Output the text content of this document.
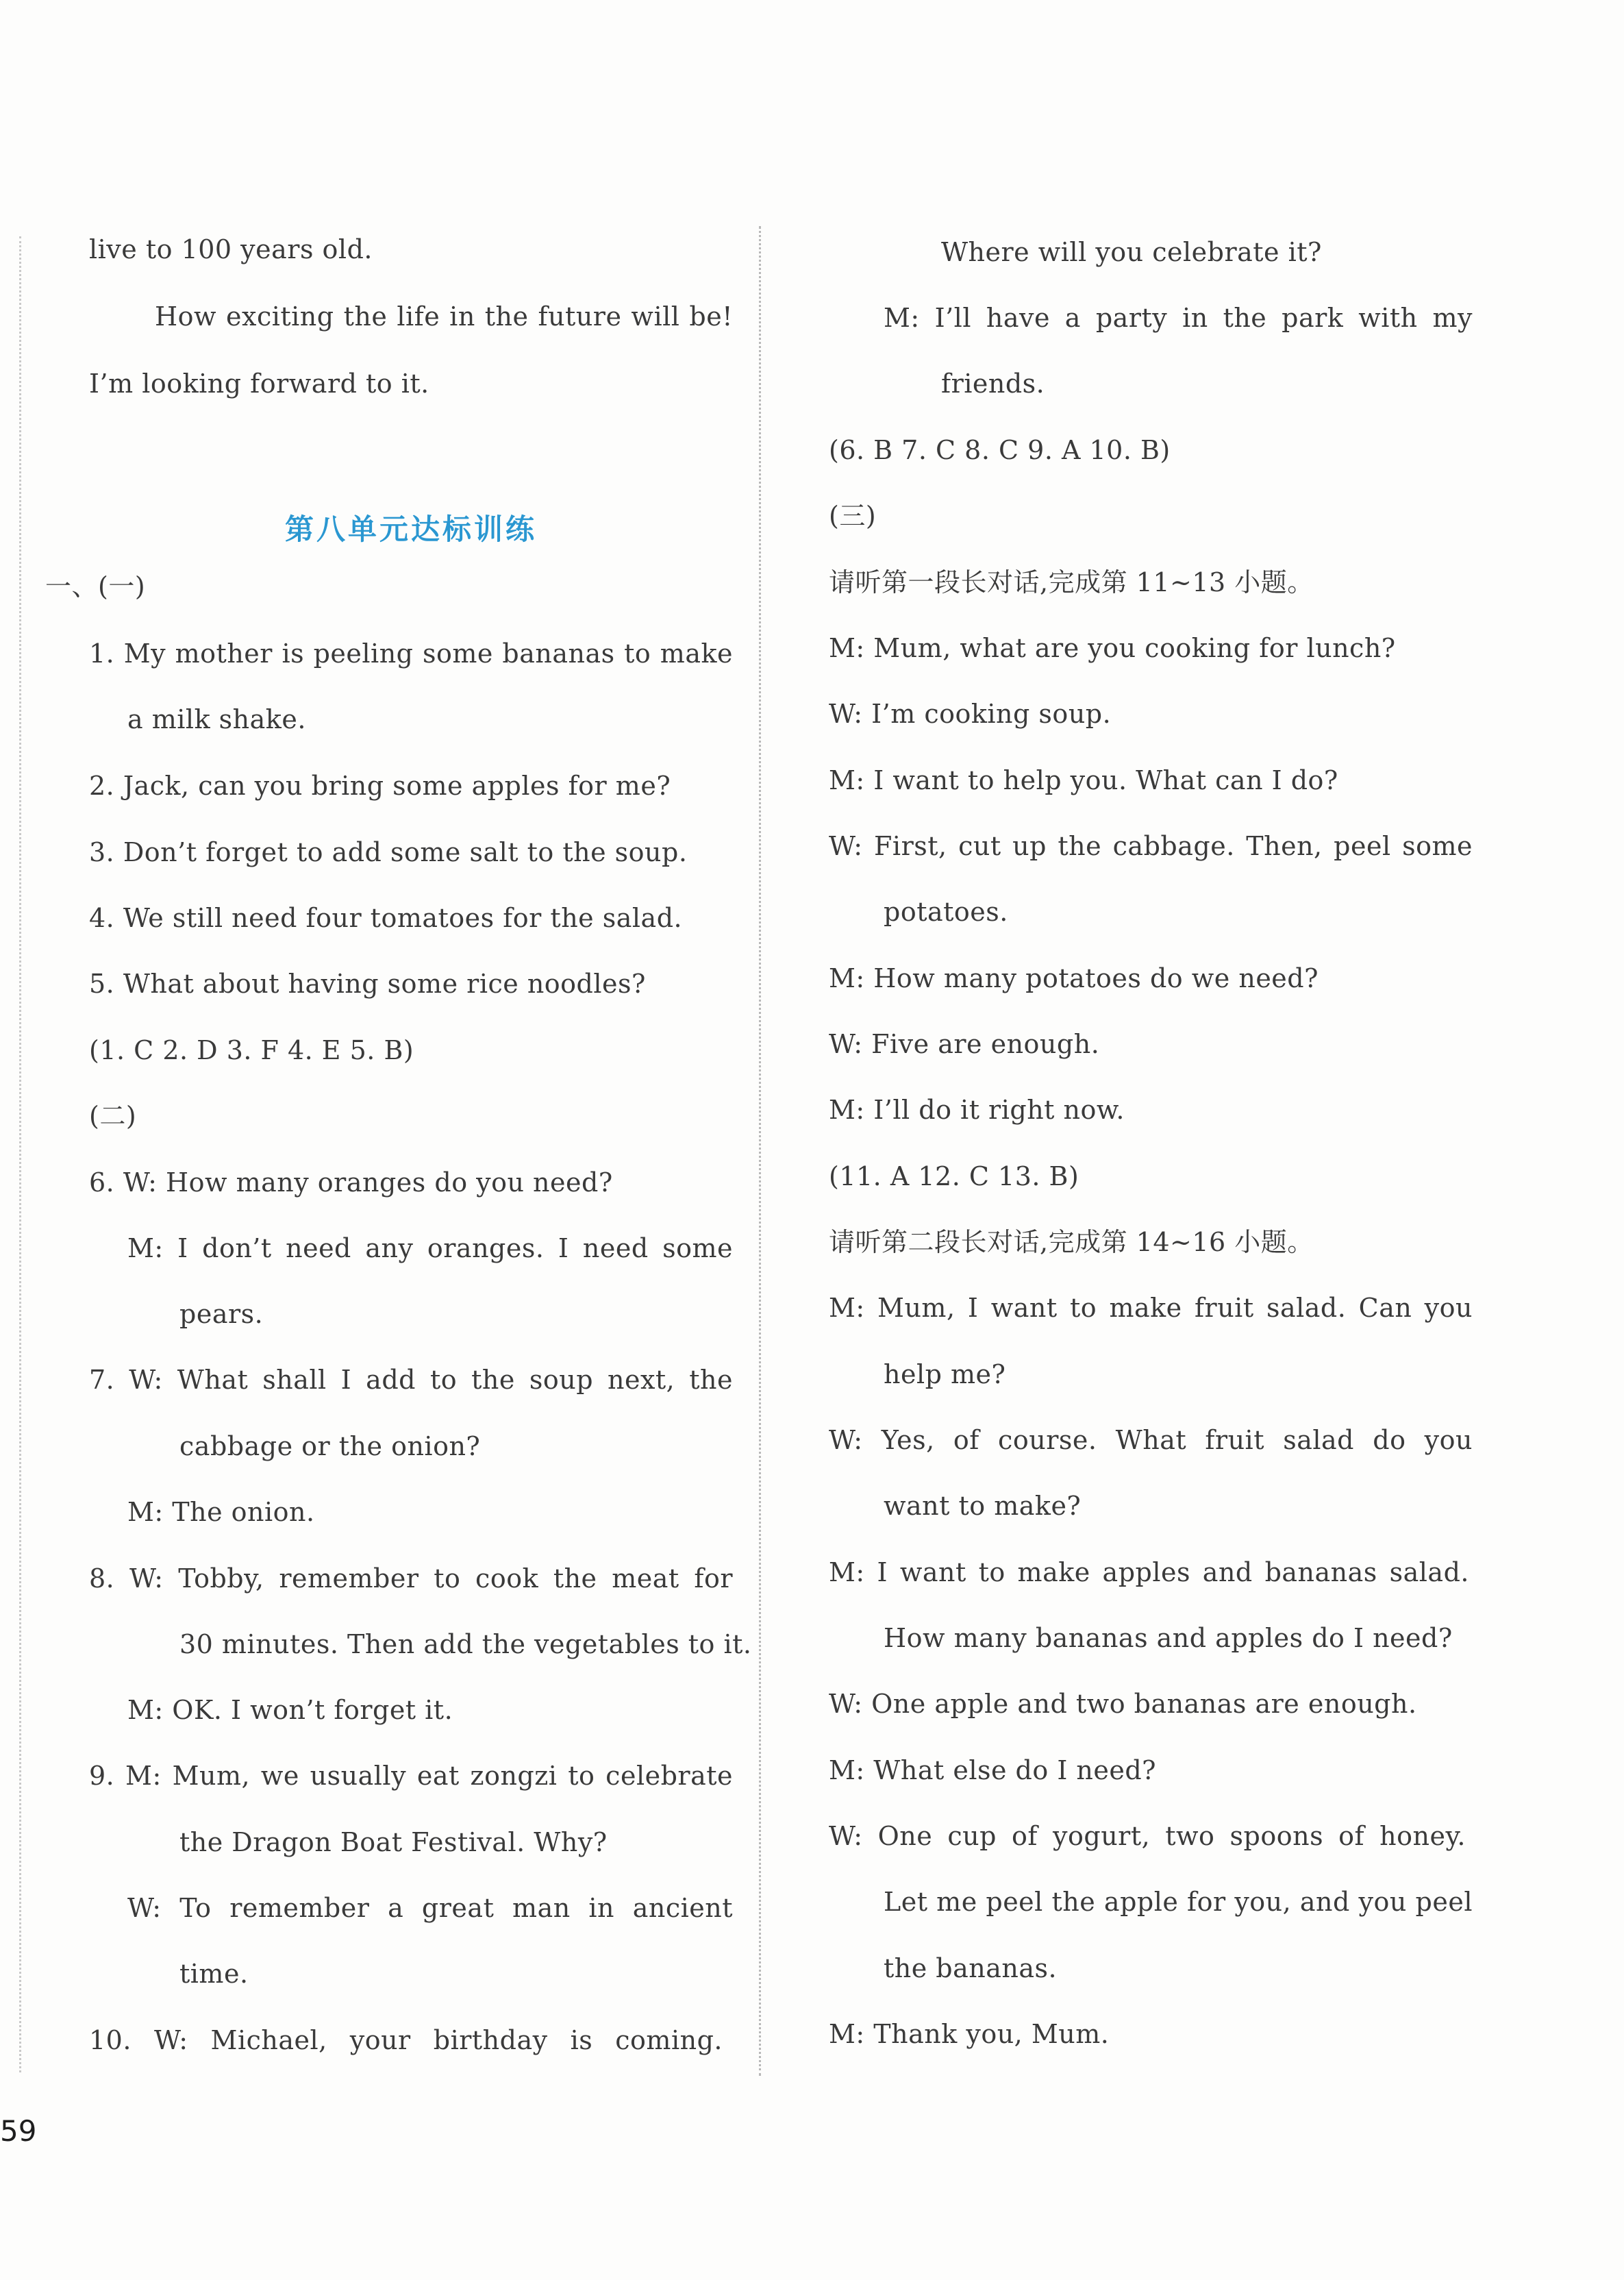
live to 100 years old.
How exciting the life in the future will be!
I’m looking forward to it.
第八单元达标训练
一、(一)
1. My mother is peeling some bananas to make
a milk shake.
2. Jack, can you bring some apples for me?
3. Don’t forget to add some salt to the soup.
4. We still need four tomatoes for the salad.
5. What about having some rice noodles?
(1. C 2. D 3. F 4. E 5. B)
(二)
6. W: How many oranges do you need?
M: I don’t need any oranges. I need some
pears.
7. W: What shall I add to the soup next, the
cabbage or the onion?
M: The onion.
8. W: Tobby, remember to cook the meat for
30 minutes. Then add the vegetables to it.
M: OK. I won’t forget it.
9. M: Mum, we usually eat zongzi to celebrate
the Dragon Boat Festival. Why?
W: To remember a great man in ancient
time.
10. W: Michael, your birthday is coming.
Where will you celebrate it?
M: I’ll have a party in the park with my
friends.
(6. B 7. C 8. C 9. A 10. B)
(三)
请听第一段长对话,完成第 11~13 小题。
M: Mum, what are you cooking for lunch?
W: I’m cooking soup.
M: I want to help you. What can I do?
W: First, cut up the cabbage. Then, peel some
potatoes.
M: How many potatoes do we need?
W: Five are enough.
M: I’ll do it right now.
(11. A 12. C 13. B)
请听第二段长对话,完成第 14~16 小题。
M: Mum, I want to make fruit salad. Can you
help me?
W: Yes, of course. What fruit salad do you
want to make?
M: I want to make apples and bananas salad.
How many bananas and apples do I need?
W: One apple and two bananas are enough.
M: What else do I need?
W: One cup of yogurt, two spoons of honey.
Let me peel the apple for you, and you peel
the bananas.
M: Thank you, Mum.
59
